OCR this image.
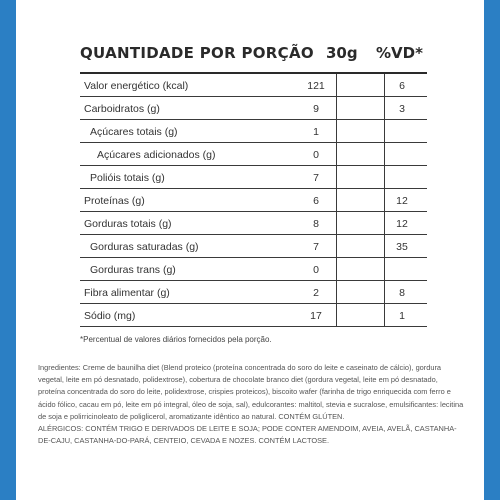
QUANTIDADE POR PORÇÃO 30g %VD*
Valor energético (kcal)	121	6
Carboidratos (g)	9	3
Açúcares totais (g)	1
Açúcares adicionados (g)	0
Polióis totais (g)	7
Proteínas (g)	6	12
Gorduras totais (g)	8	12
Gorduras saturadas (g)	7	35
Gorduras trans (g)	0
Fibra alimentar (g)	2	8
Sódio (mg)	17	1
*Percentual de valores diários fornecidos pela porção.
Ingredientes: Creme de baunilha diet (Blend proteico (proteína concentrada do soro do leite e caseinato de cálcio), gordura vegetal, leite em pó desnatado, polidextrose), cobertura de chocolate branco diet (gordura vegetal, leite em pó desnatado, proteína concentrada do soro do leite, polidextrose, crispies proteicos), biscoito wafer (farinha de trigo enriquecida com ferro e ácido fólico, cacau em pó, leite em pó integral, óleo de soja, sal), edulcorantes: maltitol, stevia e sucralose, emulsificantes: lecitina de soja e polirricinoleato de poliglicerol, aromatizante idêntico ao natural. CONTÉM GLÚTEN.
ALÉRGICOS: CONTÉM TRIGO E DERIVADOS DE LEITE E SOJA; PODE CONTER AMENDOIM, AVEIA, AVELÃ, CASTANHA-DE-CAJU, CASTANHA-DO-PARÁ, CENTEIO, CEVADA E NOZES. CONTÉM LACTOSE.
